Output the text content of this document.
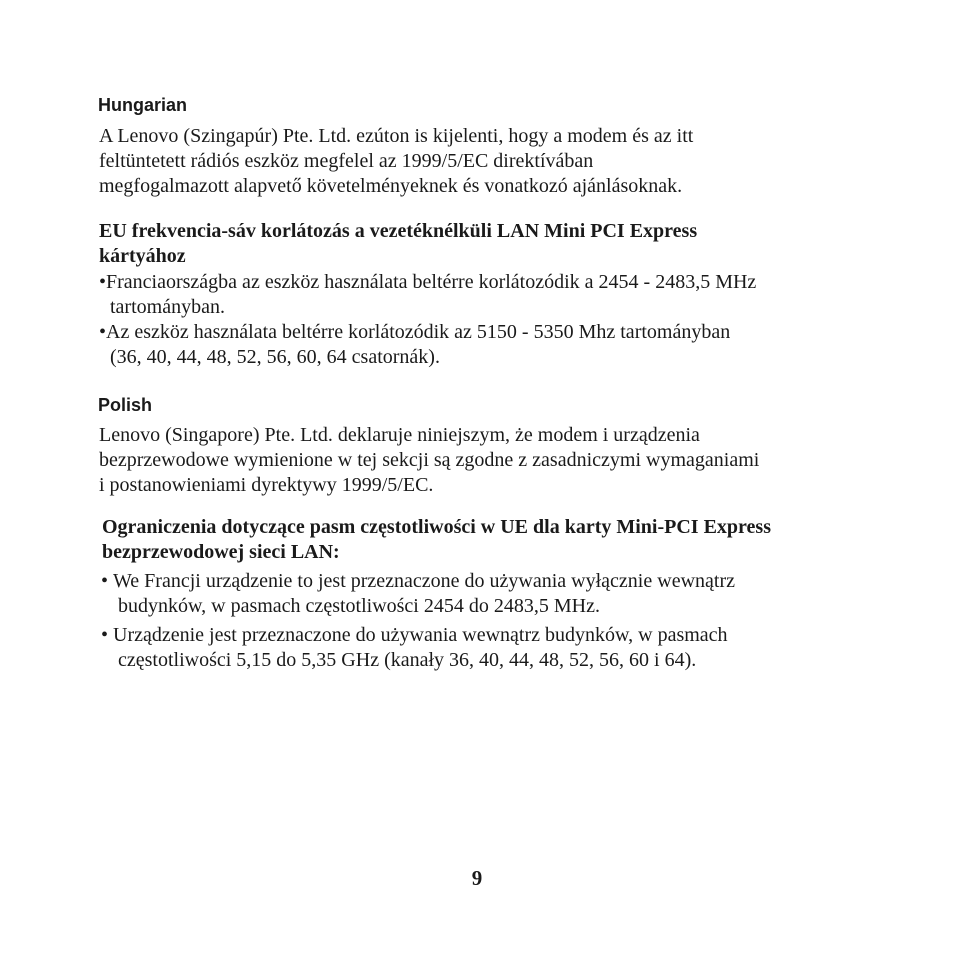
Hungarian

A Lenovo (Szingapúr) Pte. Ltd. ezúton is kijelenti, hogy a modem és az itt
feltüntetett rádiós eszköz megfelel az 1999/5/EC direktívában
megfogalmazott alapvető követelményeknek és vonatkozó ajánlásoknak.

EU frekvencia-sáv korlátozás a vezetéknélküli LAN Mini PCI Express
kártyához
•Franciaországba az eszköz használata beltérre korlátozódik a 2454 - 2483,5 MHz
tartományban.
•Az eszköz használata beltérre korlátozódik az 5150 - 5350 Mhz tartományban
(36, 40, 44, 48, 52, 56, 60, 64 csatornák).
Polish

Lenovo (Singapore) Pte. Ltd. deklaruje niniejszym, że modem i urządzenia
bezprzewodowe wymienione w tej sekcji są zgodne z zasadniczymi wymaganiami
i postanowieniami dyrektywy 1999/5/EC.

Ograniczenia dotyczące pasm częstotliwości w UE dla karty Mini-PCI Express
bezprzewodowej sieci LAN:
• We Francji urządzenie to jest przeznaczone do używania wyłącznie wewnątrz
budynków, w pasmach częstotliwości 2454 do 2483,5 MHz.
• Urządzenie jest przeznaczone do używania wewnątrz budynków, w pasmach
częstotliwości 5,15 do 5,35 GHz (kanały 36, 40, 44, 48, 52, 56, 60 i 64).
9
